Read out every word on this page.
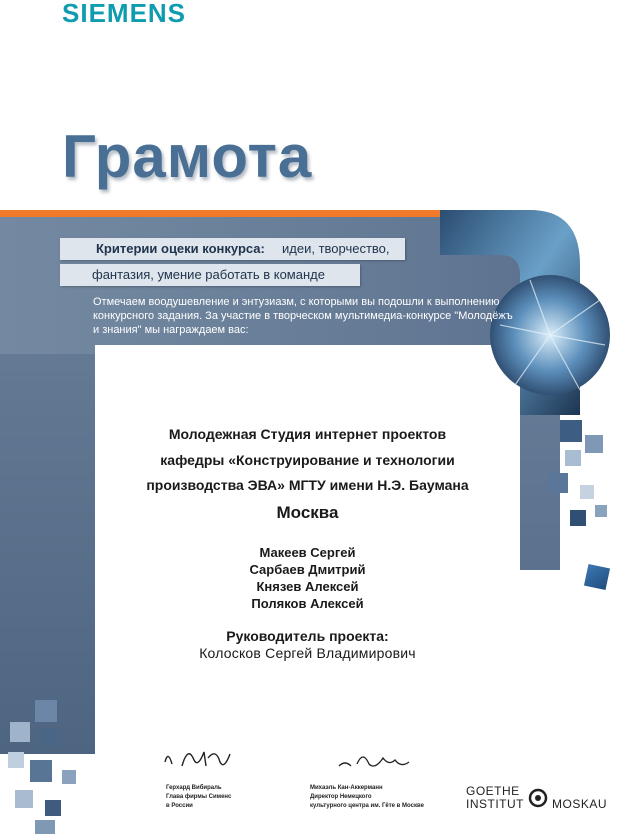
SIEMENS
Грамота
Критерии оцеки конкурса: идеи, творчество,
фантазия, умение работать в команде
Отмечаем воодушевление и энтузиазм, с которыми вы подошли к выполнению конкурсного задания. За участие в творческом мультимедиа-конкурсе "Молодёжъ и знания" мы награждаем вас:
Молодежная Студия интернет проектов
кафедры «Конструирование и технологии
производства ЭВА» МГТУ имени Н.Э. Баумана
Москва
Макеев Сергей
Сарбаев Дмитрий
Князев Алексей
Поляков Алексей
Руководитель проекта:
Колосков Сергей Владимирович
Герхард Вибираль
Глава фирмы Сименс
в России
Михаэль Кан-Аккерманн
Директор Немецкого
культурного центра им. Гёте в Москве
GOETHE
INSTITUT MOSKAU
